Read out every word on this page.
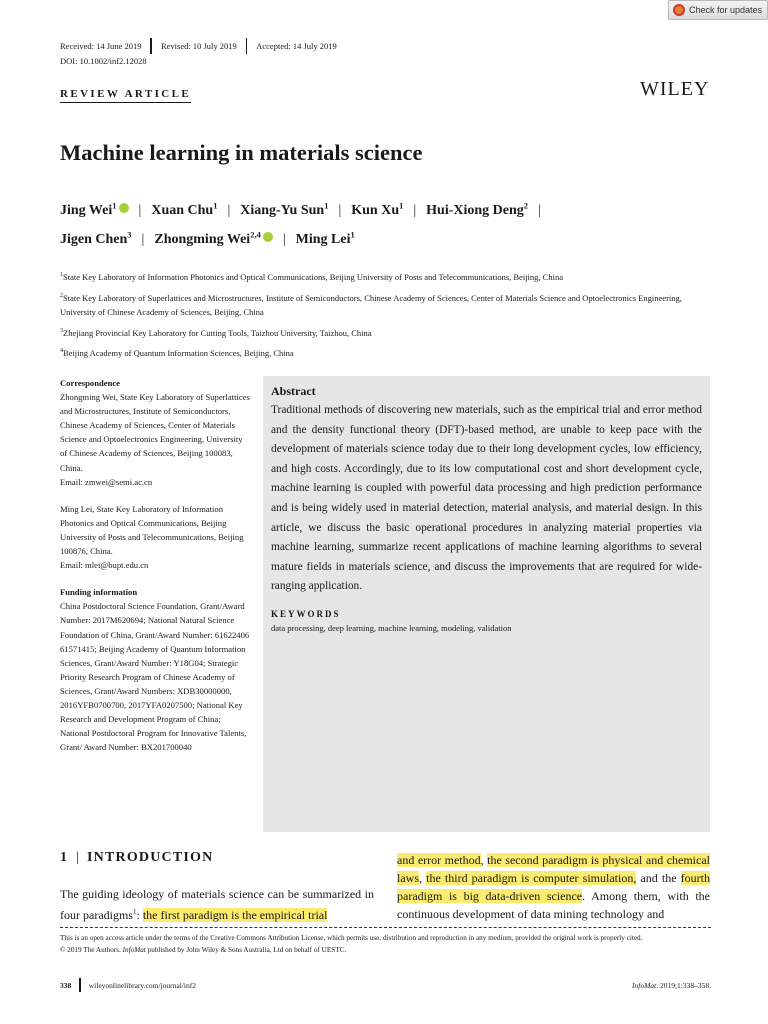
Check for updates
Received: 14 June 2019 Revised: 10 July 2019 Accepted: 14 July 2019
DOI: 10.1002/inf2.12028
REVIEW ARTICLE	WILEY
Machine learning in materials science
Jing Wei$^1$ | Xuan Chu$^1$ | Xiang-Yu Sun$^1$ | Kun Xu$^1$ | Hui-Xiong Deng$^2$ |
Jigen Chen$^3$ | Zhongming Wei$^{2,4}$ | Ming Lei$^1$

$^1$State Key Laboratory of Information Photonics and Optical Communications, Beijing University of Posts and Telecommunications, Beijing, China

$^2$State Key Laboratory of Superlattices and Microstructures, Institute of Semiconductors, Chinese Academy of Sciences, Center of Materials Science and Optoelectronics Engineering, University of Chinese Academy of Sciences, Beijing, China

$^3$Zhejiang Provincial Key Laboratory for Cutting Tools, Taizhou University, Taizhou, China

$^4$Beijing Academy of Quantum Information Sciences, Beijing, China

Correspondence
Zhongming Wei, State Key Laboratory of Superlattices and Microstructures, Institute of Semiconductors, Chinese Academy of Sciences, Center of Materials Science and Optoelectronics Engineering, University of Chinese Academy of Sciences, Beijing 100083, China.
Email: zmwei@semi.ac.cn
Ming Lei, State Key Laboratory of Information Photonics and Optical Communications, Beijing University of Posts and Telecommunications, Beijing 100876, China.
Email: mlei@bupt.edu.cn
Funding information
China Postdoctoral Science Foundation, Grant/Award Number: 2017M620694; National Natural Science Foundation of China, Grant/Award Number: 61622406 61571415; Beijing Academy of Quantum Information Sciences, Grant/Award Number: Y18G04; Strategic Priority Research Program of Chinese Academy of Sciences, Grant/Award Numbers: XDB30000000, 2016YFB0700700, 2017YFA0207500; National Key Research and Development Program of China; National Postdoctoral Program for Innovative Talents, Grant/ Award Number: BX201700040
Abstract
Traditional methods of discovering new materials, such as the empirical trial and error method and the density functional theory (DFT)-based method, are unable to keep pace with the development of materials science today due to their long development cycles, low efficiency, and high costs. Accordingly, due to its low computational cost and short development cycle, machine learning is coupled with powerful data processing and high prediction performance and is being widely used in material detection, material analysis, and material design. In this article, we discuss the basic operational procedures in analyzing material properties via machine learning, summarize recent applications of machine learning algorithms to several mature fields in materials science, and discuss the improvements that are required for wide-ranging application.
KEYWORDS
data processing, deep learning, machine learning, modeling, validation
1 | INTRODUCTION
The guiding ideology of materials science can be summarized in four paradigms$^1$: the first paradigm is the empirical trial
and error method, the second paradigm is physical and chemical laws, the third paradigm is computer simulation, and the fourth paradigm is big data-driven science. Among them, with the continuous development of data mining technology and
This is an open access article under the terms of the Creative Commons Attribution License, which permits use, distribution and reproduction in any medium, provided the original work is properly cited.
© 2019 The Authors. InfoMat published by John Wiley & Sons Australia, Ltd on behalf of UESTC.
338 wileyonlinelibrary.com/journal/inf2	InfoMat. 2019;1:338–358.
